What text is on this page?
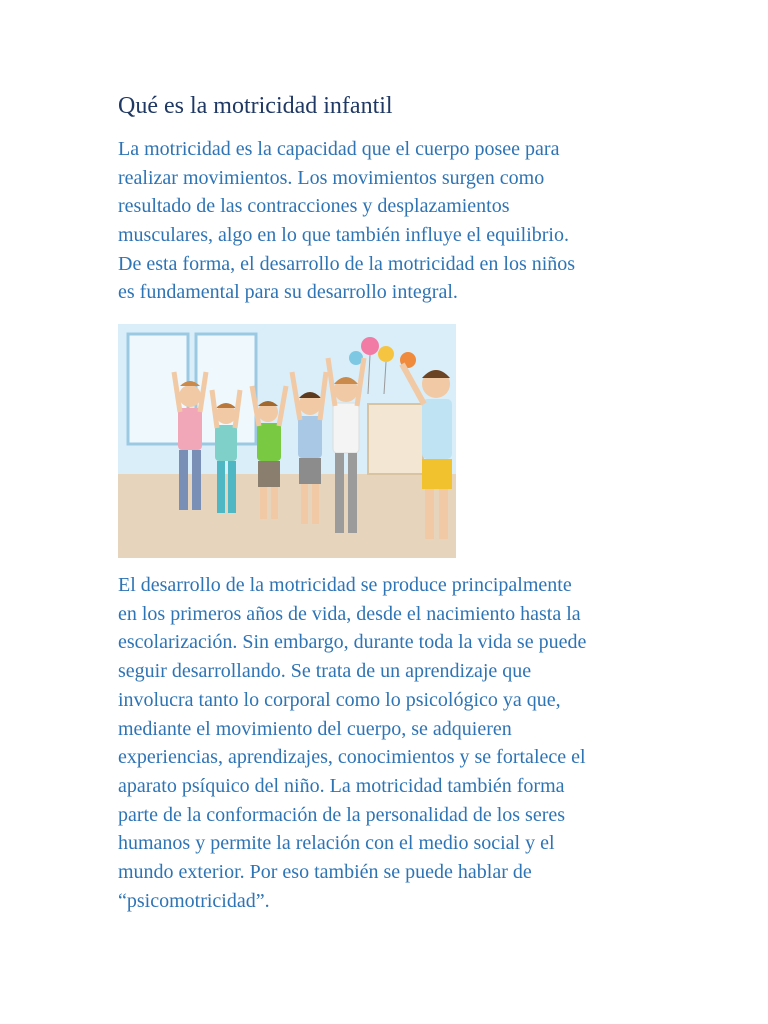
Qué es la motricidad infantil

La motricidad es la capacidad que el cuerpo posee para
realizar movimientos. Los movimientos surgen como
resultado de las contracciones y desplazamientos
musculares, algo en lo que también influye el equilibrio.
De esta forma, el desarrollo de la motricidad en los niños
es fundamental para su desarrollo integral.

El desarrollo de la motricidad se produce principalmente
en los primeros años de vida, desde el nacimiento hasta la
escolarización. Sin embargo, durante toda la vida se puede
seguir desarrollando. Se trata de un aprendizaje que
involucra tanto lo corporal como lo psicológico ya que,
mediante el movimiento del cuerpo, se adquieren
experiencias, aprendizajes, conocimientos y se fortalece el
aparato psíquico del niño. La motricidad también forma
parte de la conformación de la personalidad de los seres
humanos y permite la relación con el medio social y el
mundo exterior. Por eso también se puede hablar de
“psicomotricidad”.
